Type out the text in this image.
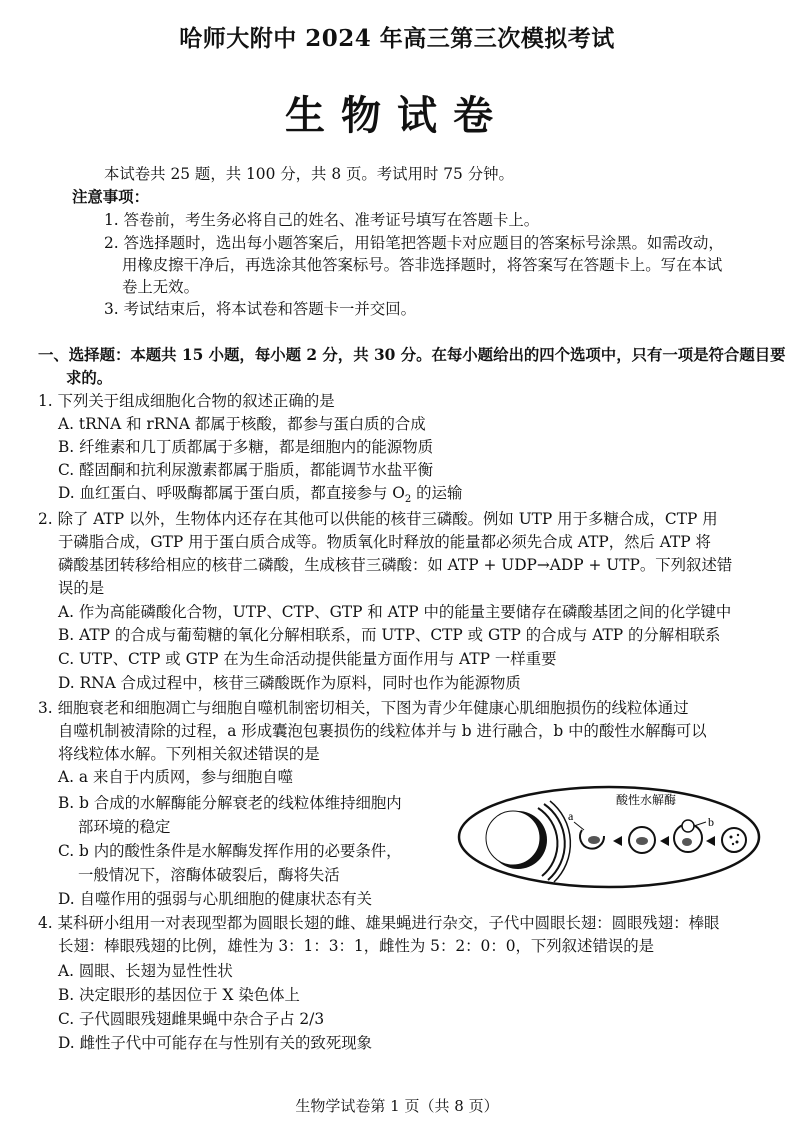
哈师大附中 2024 年高三第三次模拟考试
生物试卷
本试卷共 25 题，共 100 分，共 8 页。考试用时 75 分钟。
注意事项：
1. 答卷前，考生务必将自己的姓名、准考证号填写在答题卡上。
2. 答选择题时，选出每小题答案后，用铅笔把答题卡对应题目的答案标号涂黑。如需改动，
用橡皮擦干净后，再选涂其他答案标号。答非选择题时，将答案写在答题卡上。写在本试
卷上无效。
3. 考试结束后，将本试卷和答题卡一并交回。
一、选择题：本题共 15 小题，每小题 2 分，共 30 分。在每小题给出的四个选项中，只有一项是符合题目要
求的。
1. 下列关于组成细胞化合物的叙述正确的是
A. tRNA 和 rRNA 都属于核酸，都参与蛋白质的合成
B. 纤维素和几丁质都属于多糖，都是细胞内的能源物质
C. 醛固酮和抗利尿激素都属于脂质，都能调节水盐平衡
D. 血红蛋白、呼吸酶都属于蛋白质，都直接参与 $O_2$ 的运输
2. 除了 ATP 以外，生物体内还存在其他可以供能的核苷三磷酸。例如 UTP 用于多糖合成，CTP 用
于磷脂合成，GTP 用于蛋白质合成等。物质氧化时释放的能量都必须先合成 ATP，然后 ATP 将
磷酸基团转移给相应的核苷二磷酸，生成核苷三磷酸：如 ATP + UDP→ADP + UTP。下列叙述错
误的是
A. 作为高能磷酸化合物，UTP、CTP、GTP 和 ATP 中的能量主要储存在磷酸基团之间的化学键中
B. ATP 的合成与葡萄糖的氧化分解相联系，而 UTP、CTP 或 GTP 的合成与 ATP 的分解相联系
C. UTP、CTP 或 GTP 在为生命活动提供能量方面作用与 ATP 一样重要
D. RNA 合成过程中，核苷三磷酸既作为原料，同时也作为能源物质
3. 细胞衰老和细胞凋亡与细胞自噬机制密切相关，下图为青少年健康心肌细胞损伤的线粒体通过
自噬机制被清除的过程，a 形成囊泡包裹损伤的线粒体并与 b 进行融合，b 中的酸性水解酶可以
将线粒体水解。下列相关叙述错误的是
A. a 来自于内质网，参与细胞自噬
B. b 合成的水解酶能分解衰老的线粒体维持细胞内
部环境的稳定
C. b 内的酸性条件是水解酶发挥作用的必要条件，
一般情况下，溶酶体破裂后，酶将失活
D. 自噬作用的强弱与心肌细胞的健康状态有关
a
酸性水解酶
b
4. 某科研小组用一对表现型都为圆眼长翅的雌、雄果蝇进行杂交，子代中圆眼长翅：圆眼残翅：棒眼
长翅：棒眼残翅的比例，雄性为 3：1：3：1，雌性为 5：2：0：0，下列叙述错误的是
A. 圆眼、长翅为显性性状
B. 决定眼形的基因位于 X 染色体上
C. 子代圆眼残翅雌果蝇中杂合子占 2/3
D. 雌性子代中可能存在与性别有关的致死现象
生物学试卷第 1 页（共 8 页）
